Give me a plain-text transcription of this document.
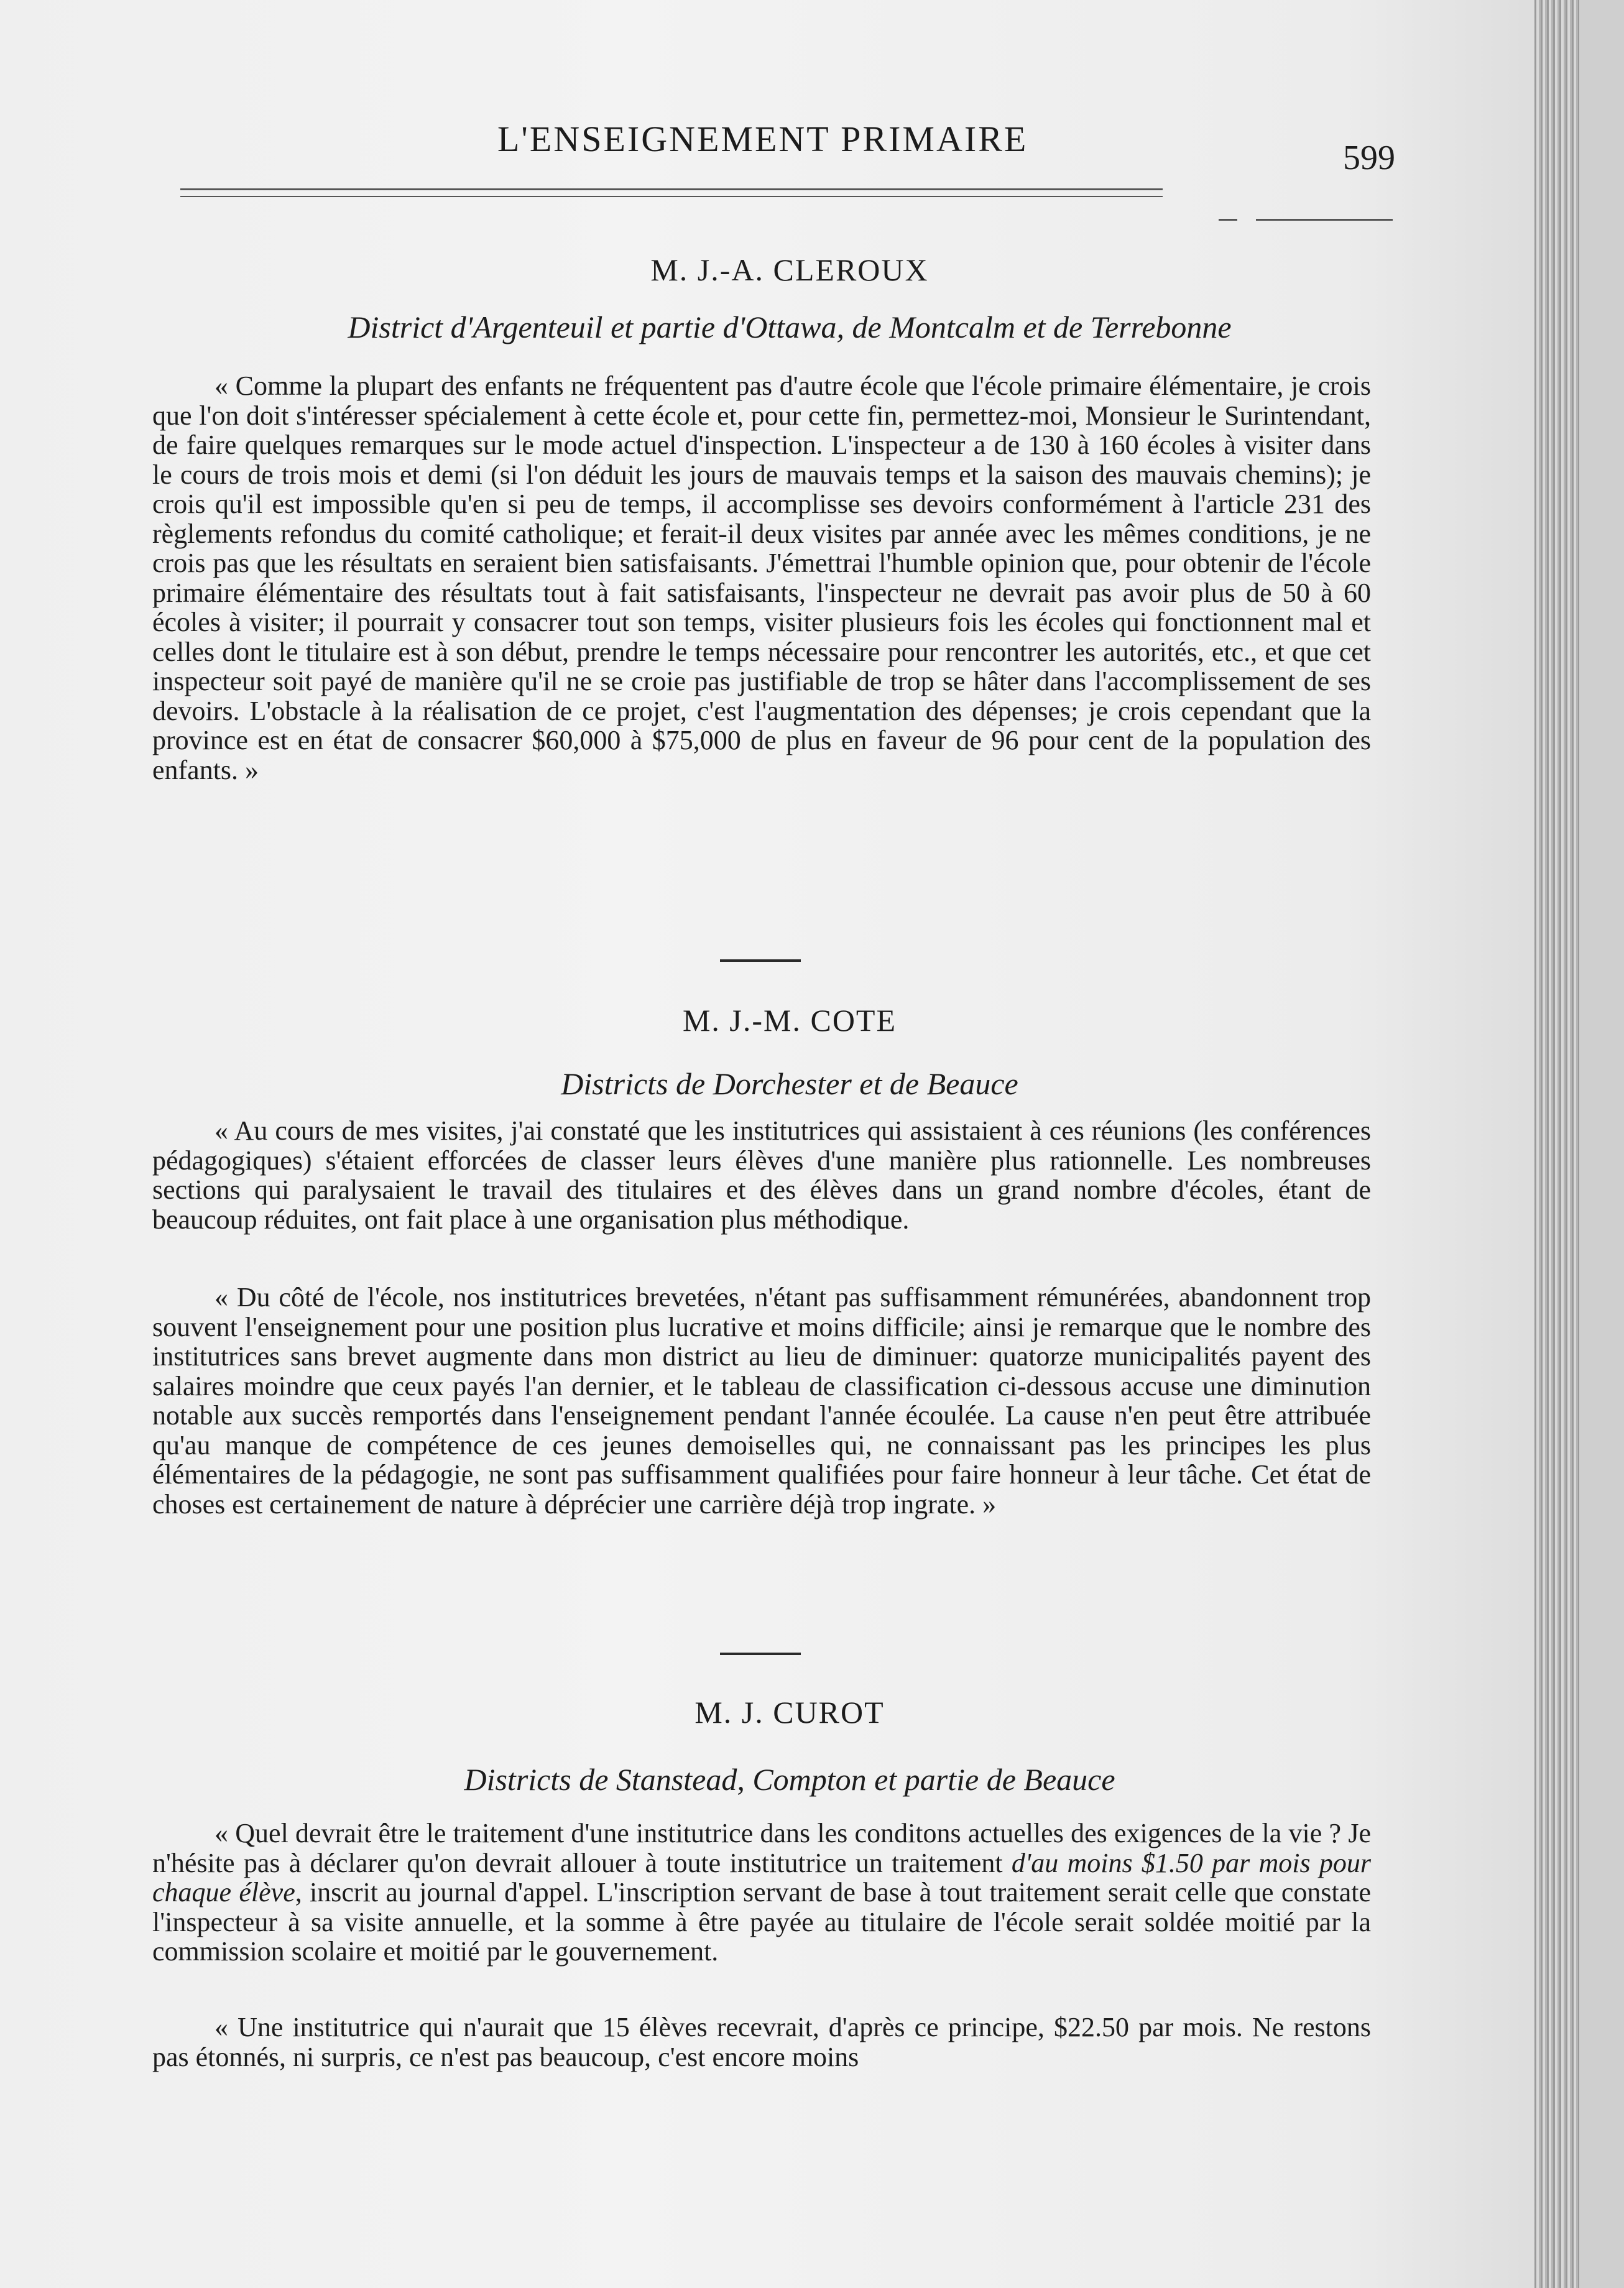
L'ENSEIGNEMENT PRIMAIRE	599
M. J.-A. CLEROUX
District d'Argenteuil et partie d'Ottawa, de Montcalm et de Terrebonne

« Comme la plupart des enfants ne fréquentent pas d'autre école que l'école primaire élémentaire, je crois que l'on doit s'intéresser spécialement à cette école et, pour cette fin, permettez-moi, Monsieur le Surintendant, de faire quelques remarques sur le mode actuel d'inspection. L'inspecteur a de 130 à 160 écoles à visiter dans le cours de trois mois et demi (si l'on déduit les jours de mauvais temps et la saison des mauvais chemins); je crois qu'il est impossible qu'en si peu de temps, il accomplisse ses devoirs conformément à l'article 231 des règlements refondus du comité catholique; et ferait-il deux visites par année avec les mêmes conditions, je ne crois pas que les résultats en seraient bien satisfaisants. J'émettrai l'humble opinion que, pour obtenir de l'école primaire élémentaire des résultats tout à fait satisfaisants, l'inspecteur ne devrait pas avoir plus de 50 à 60 écoles à visiter; il pourrait y consacrer tout son temps, visiter plusieurs fois les écoles qui fonctionnent mal et celles dont le titulaire est à son début, prendre le temps nécessaire pour rencontrer les autorités, etc., et que cet inspecteur soit payé de manière qu'il ne se croie pas justifiable de trop se hâter dans l'accomplissement de ses devoirs. L'obstacle à la réalisation de ce projet, c'est l'augmentation des dépenses; je crois cependant que la province est en état de consacrer $60,000 à $75,000 de plus en faveur de 96 pour cent de la population des enfants. »

M. J.-M. COTE
Districts de Dorchester et de Beauce

« Au cours de mes visites, j'ai constaté que les institutrices qui assistaient à ces réunions (les conférences pédagogiques) s'étaient efforcées de classer leurs élèves d'une manière plus rationnelle. Les nombreuses sections qui paralysaient le travail des titulaires et des élèves dans un grand nombre d'écoles, étant de beaucoup réduites, ont fait place à une organisation plus méthodique.

« Du côté de l'école, nos institutrices brevetées, n'étant pas suffisamment rémunérées, abandonnent trop souvent l'enseignement pour une position plus lucrative et moins difficile; ainsi je remarque que le nombre des institutrices sans brevet augmente dans mon district au lieu de diminuer: quatorze municipalités payent des salaires moindre que ceux payés l'an dernier, et le tableau de classification ci-dessous accuse une diminution notable aux succès remportés dans l'enseignement pendant l'année écoulée. La cause n'en peut être attribuée qu'au manque de compétence de ces jeunes demoiselles qui, ne connaissant pas les principes les plus élémentaires de la pédagogie, ne sont pas suffisamment qualifiées pour faire honneur à leur tâche. Cet état de choses est certainement de nature à déprécier une carrière déjà trop ingrate. »

M. J. CUROT
Districts de Stanstead, Compton et partie de Beauce

« Quel devrait être le traitement d'une institutrice dans les conditons actuelles des exigences de la vie ? Je n'hésite pas à déclarer qu'on devrait allouer à toute institutrice un traitement d'au moins $1.50 par mois pour chaque élève, inscrit au journal d'appel. L'inscription servant de base à tout traitement serait celle que constate l'inspecteur à sa visite annuelle, et la somme à être payée au titulaire de l'école serait soldée moitié par la commission scolaire et moitié par le gouvernement.

« Une institutrice qui n'aurait que 15 élèves recevrait, d'après ce principe, $22.50 par mois. Ne restons pas étonnés, ni surpris, ce n'est pas beaucoup, c'est encore moins
